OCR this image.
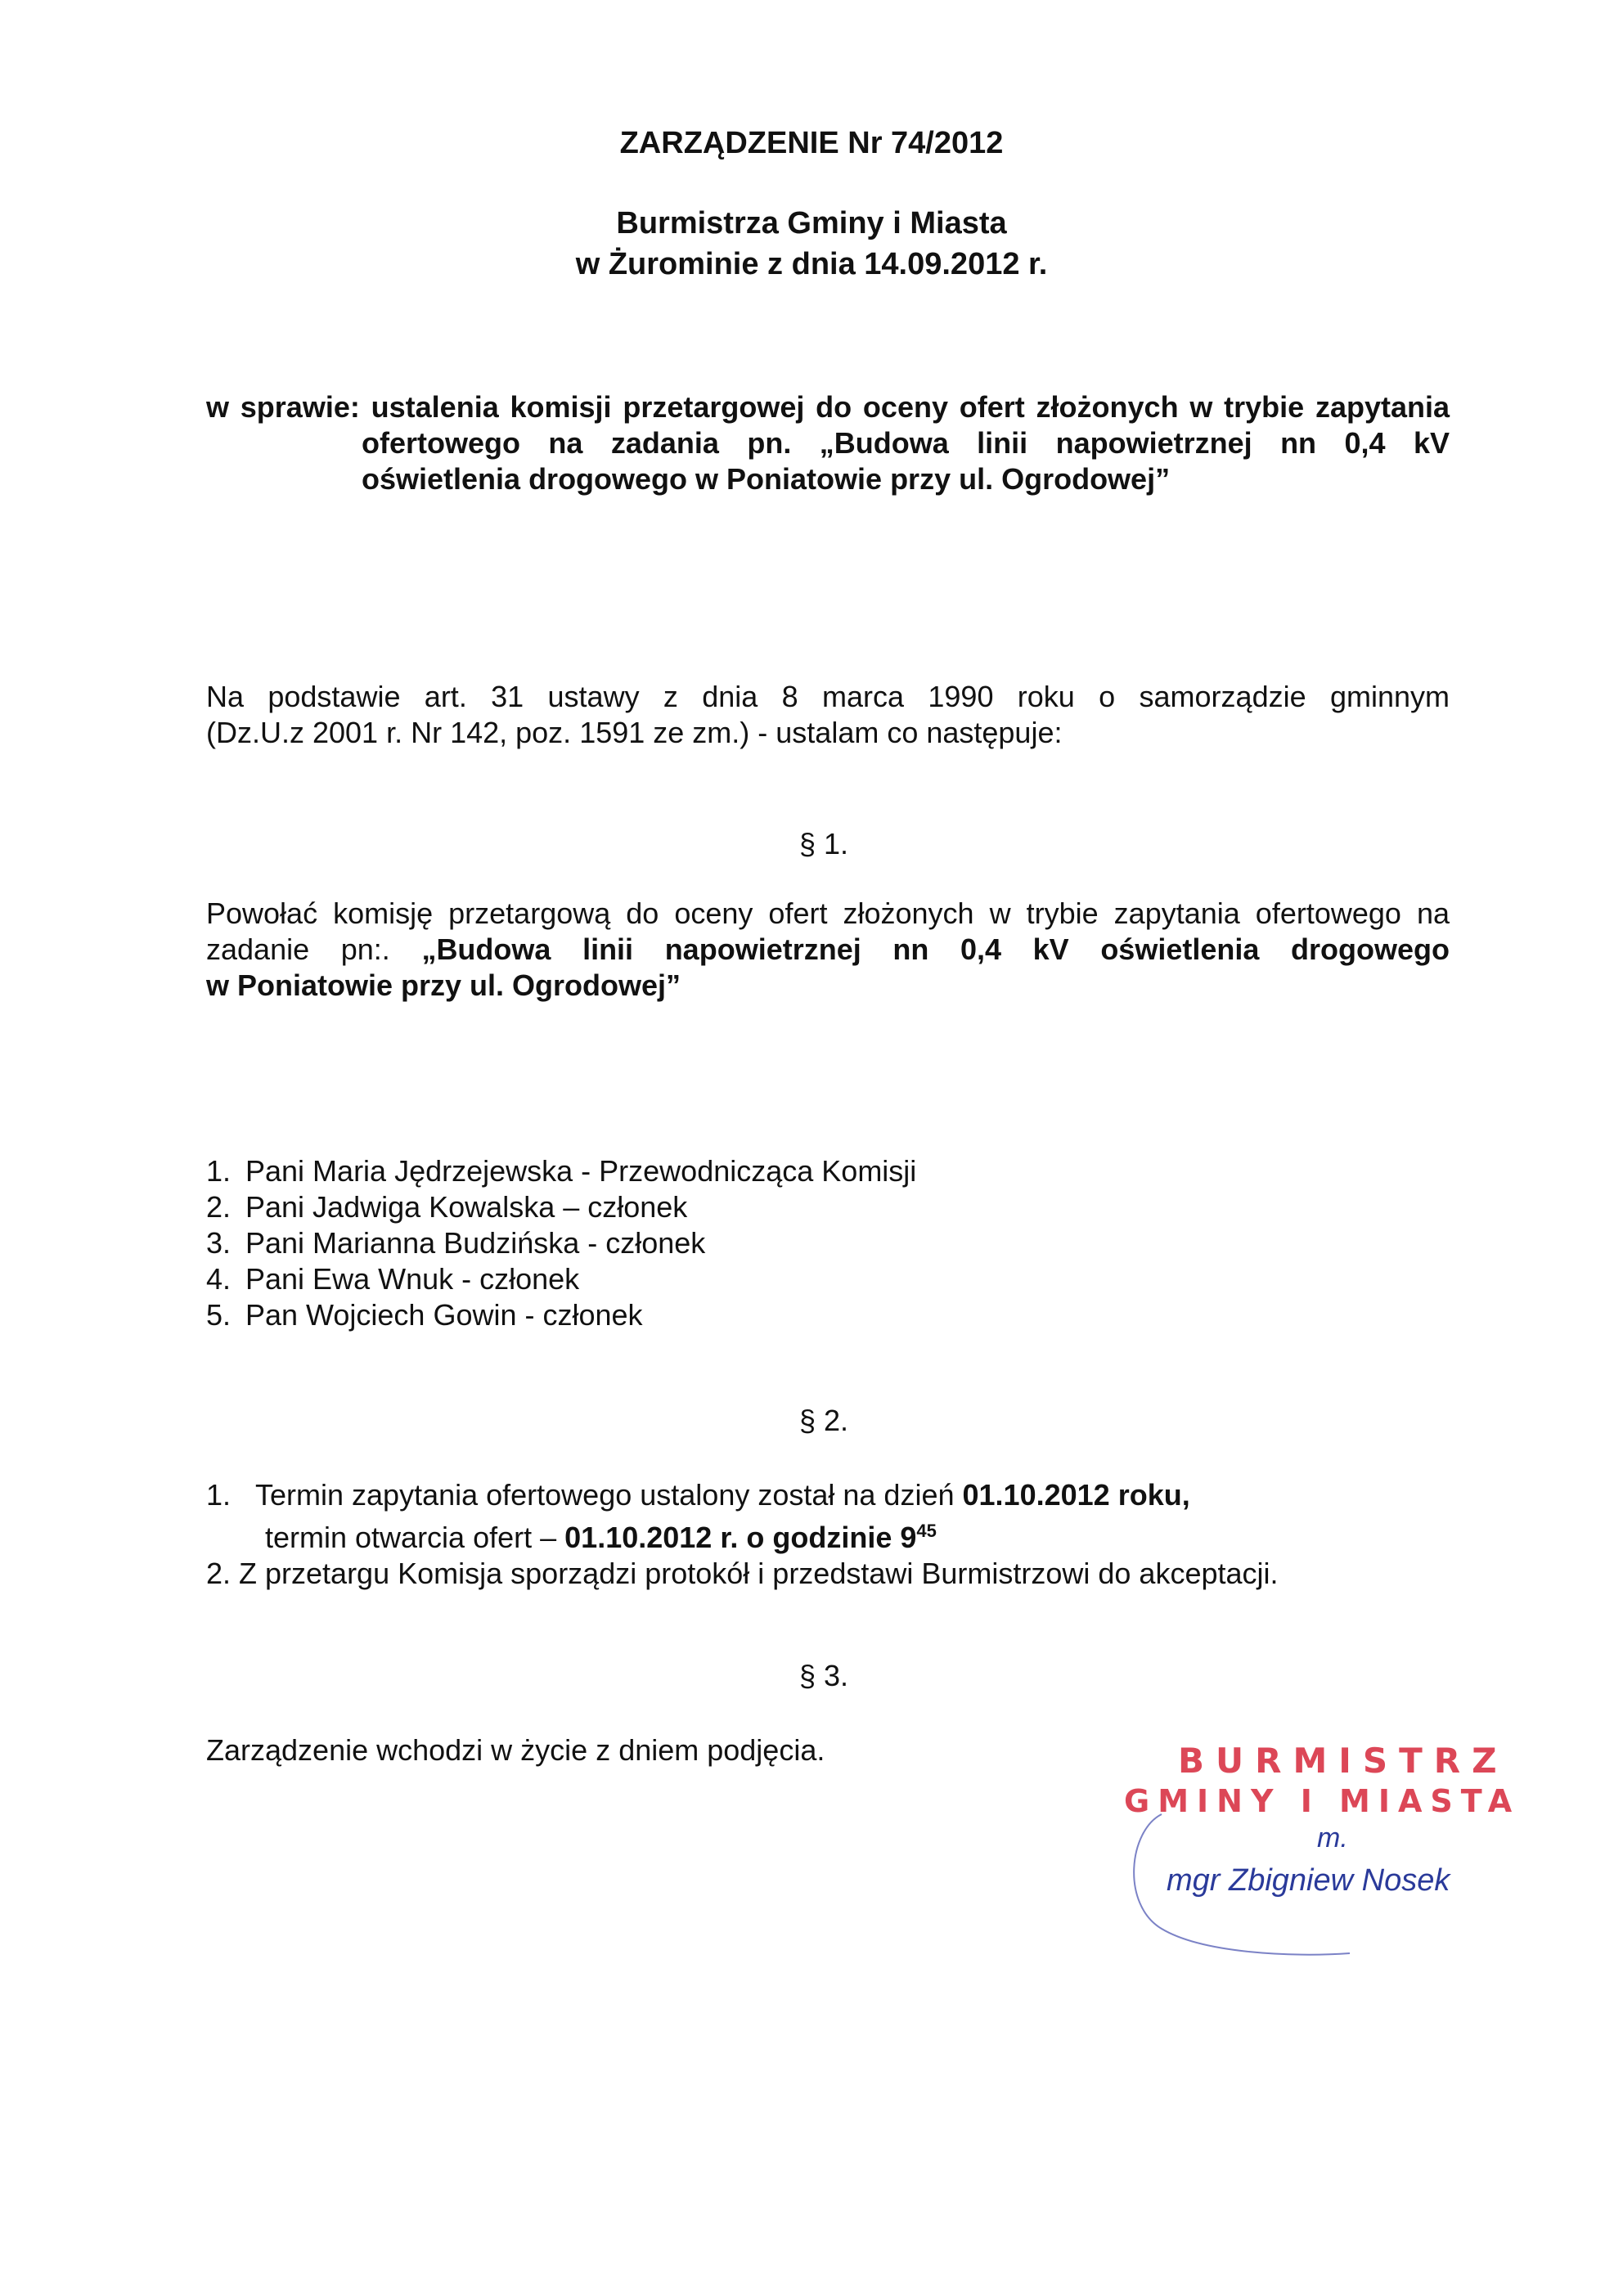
ZARZĄDZENIE Nr 74/2012
Burmistrza Gminy i Miasta
w Żurominie z dnia 14.09.2012 r.
w sprawie: ustalenia komisji przetargowej do oceny ofert złożonych w trybie zapytania
ofertowego na zadania pn. „Budowa linii napowietrznej nn 0,4 kV
oświetlenia drogowego w Poniatowie przy ul. Ogrodowej”
Na podstawie art. 31 ustawy z dnia 8 marca 1990 roku o samorządzie gminnym
(Dz.U.z 2001 r. Nr 142, poz. 1591 ze zm.) - ustalam co następuje:
§ 1.
Powołać komisję przetargową do oceny ofert złożonych w trybie zapytania ofertowego na
zadanie pn:. „Budowa linii napowietrznej nn 0,4 kV oświetlenia drogowego
w Poniatowie przy ul. Ogrodowej”
1. Pani Maria Jędrzejewska - Przewodnicząca Komisji
2. Pani Jadwiga Kowalska – członek
3. Pani Marianna Budzińska - członek
4. Pani Ewa Wnuk - członek
5. Pan Wojciech Gowin - członek
§ 2.
1. Termin zapytania ofertowego ustalony został na dzień 01.10.2012 roku,
termin otwarcia ofert – 01.10.2012 r. o godzinie $9^{45}$
2. Z przetargu Komisja sporządzi protokół i przedstawi Burmistrzowi do akceptacji.
§ 3.
Zarządzenie wchodzi w życie z dniem podjęcia.	BURMISTRZ
GMINY I MIASTA
m.
mgr Zbigniew Nosek
